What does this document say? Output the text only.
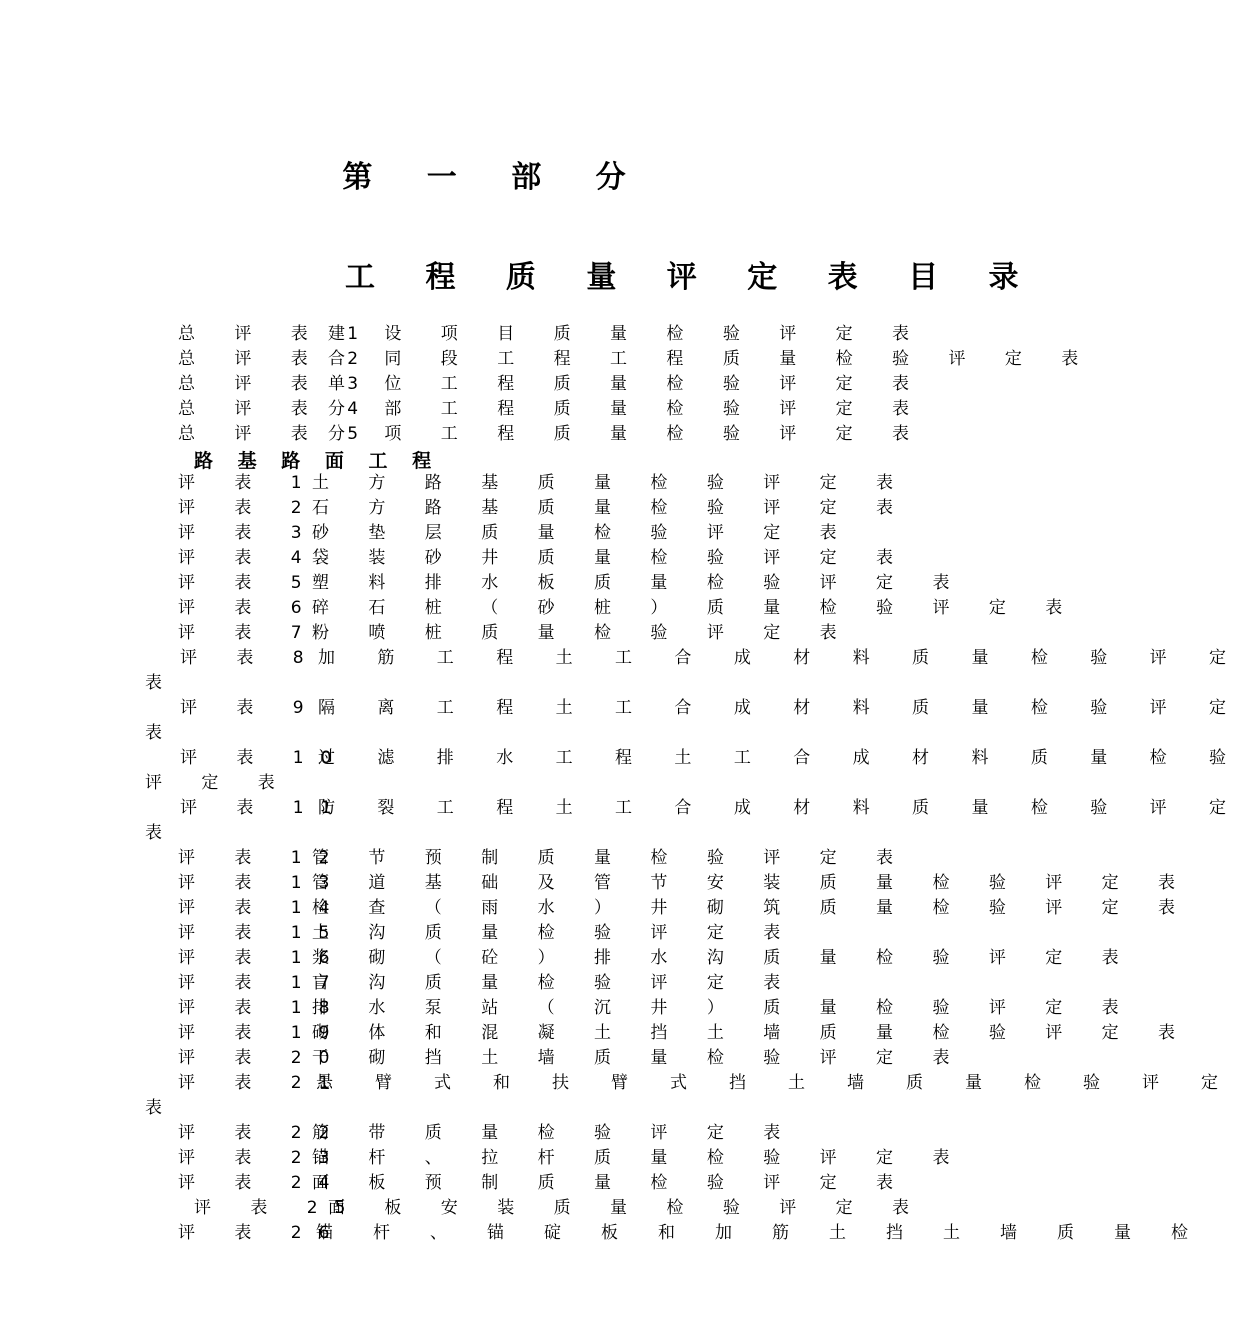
第 一 部 分
工 程 质 量 评 定 表 目 录
总 评 表 1
建 设 项 目 质 量 检 验 评 定 表
总 评 表 2
合 同 段 工 程 工 程 质 量 检 验 评 定 表
总 评 表 3
单 位 工 程 质 量 检 验 评 定 表
总 评 表 4
分 部 工 程 质 量 检 验 评 定 表
总 评 表 5
分 项 工 程 质 量 检 验 评 定 表
路 基 路 面 工 程
评 表 1
土 方 路 基 质 量 检 验 评 定 表
评 表 2
石 方 路 基 质 量 检 验 评 定 表
评 表 3
砂 垫 层 质 量 检 验 评 定 表
评 表 4
袋 装 砂 井 质 量 检 验 评 定 表
评 表 5
塑 料 排 水 板 质 量 检 验 评 定 表
评 表 6
碎 石 桩 （ 砂 桩 ） 质 量 检 验 评 定 表
评 表 7
粉 喷 桩 质 量 检 验 评 定 表
评 表 8
加 筋 工 程 土 工 合 成 材 料 质 量 检 验 评 定
表
评 表 9
隔 离 工 程 土 工 合 成 材 料 质 量 检 验 评 定
表
评 表 10
过 滤 排 水 工 程 土 工 合 成 材 料 质 量 检 验
评 定 表
评 表 11
防 裂 工 程 土 工 合 成 材 料 质 量 检 验 评 定
表
评 表 12
管 节 预 制 质 量 检 验 评 定 表
评 表 13
管 道 基 础 及 管 节 安 装 质 量 检 验 评 定 表
评 表 14
检 查 （ 雨 水 ） 井 砌 筑 质 量 检 验 评 定 表
评 表 15
土 沟 质 量 检 验 评 定 表
评 表 16
浆 砌 （ 砼 ） 排 水 沟 质 量 检 验 评 定 表
评 表 17
盲 沟 质 量 检 验 评 定 表
评 表 18
排 水 泵 站 （ 沉 井 ） 质 量 检 验 评 定 表
评 表 19
砌 体 和 混 凝 土 挡 土 墙 质 量 检 验 评 定 表
评 表 20
干 砌 挡 土 墙 质 量 检 验 评 定 表
评 表 21
悬 臂 式 和 扶 臂 式 挡 土 墙 质 量 检 验 评 定
表
评 表 22
筋 带 质 量 检 验 评 定 表
评 表 23
锚 杆 、 拉 杆 质 量 检 验 评 定 表
评 表 24
面 板 预 制 质 量 检 验 评 定 表
评 表 25
面 板 安 装 质 量 检 验 评 定 表
评 表 26
锚 杆 、 锚 碇 板 和 加 筋 土 挡 土 墙 质 量 检
